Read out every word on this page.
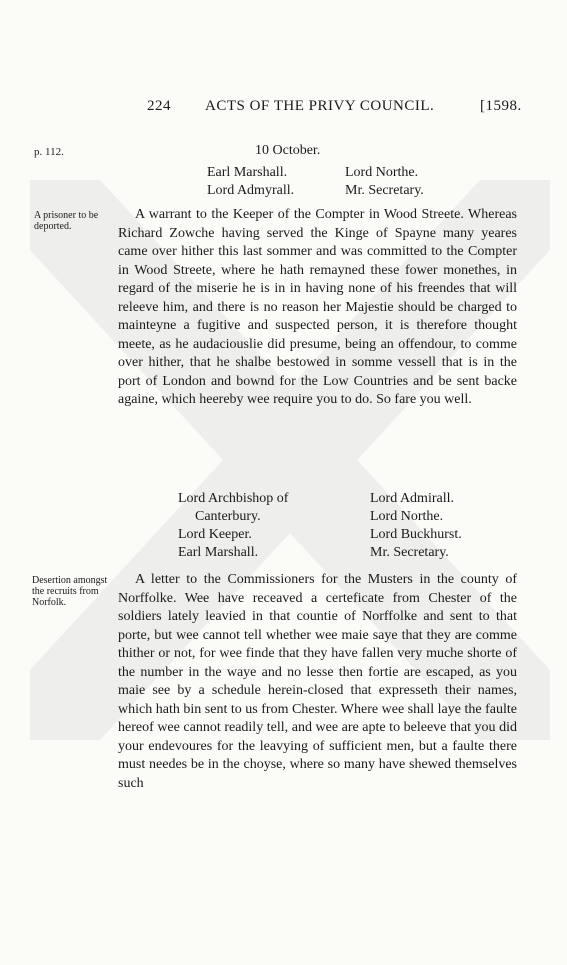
224 ACTS OF THE PRIVY COUNCIL.	[1598.
p. 112.	10 October.
Earl Marshall.
Lord Admyrall.
Lord Northe.
Mr. Secretary.
A prisoner to be deported.

A warrant to the Keeper of the Compter in Wood Streete. Whereas Richard Zowche having served the Kinge of Spayne many yeares came over hither this last sommer and was committed to the Compter in Wood Streete, where he hath remayned these fower monethes, in regard of the miserie he is in in having none of his freendes that will releeve him, and there is no reason her Majestie should be charged to mainteyne a fugitive and suspected person, it is therefore thought meete, as he audaciouslie did presume, being an offendour, to comme over hither, that he shalbe bestowed in somme vessell that is in the port of London and bownd for the Low Countries and be sent backe againe, which heereby wee require you to do. So fare you well.

Lord Archbishop of
Canterbury.
Lord Keeper.
Earl Marshall.
Lord Admirall.
Lord Northe.
Lord Buckhurst.
Mr. Secretary.
Desertion amongst the recruits from Norfolk.

A letter to the Commissioners for the Musters in the county of Norffolke. Wee have receaved a certeficate from Chester of the soldiers lately leavied in that countie of Norffolke and sent to that porte, but wee cannot tell whether wee maie saye that they are comme thither or not, for wee finde that they have fallen very muche shorte of the number in the waye and no lesse then fortie are escaped, as you maie see by a schedule herein-closed that expresseth their names, which hath bin sent to us from Chester. Where wee shall laye the faulte hereof wee cannot readily tell, and wee are apte to beleeve that you did your endevoures for the leavying of sufficient men, but a faulte there must needes be in the choyse, where so many have shewed themselves such
